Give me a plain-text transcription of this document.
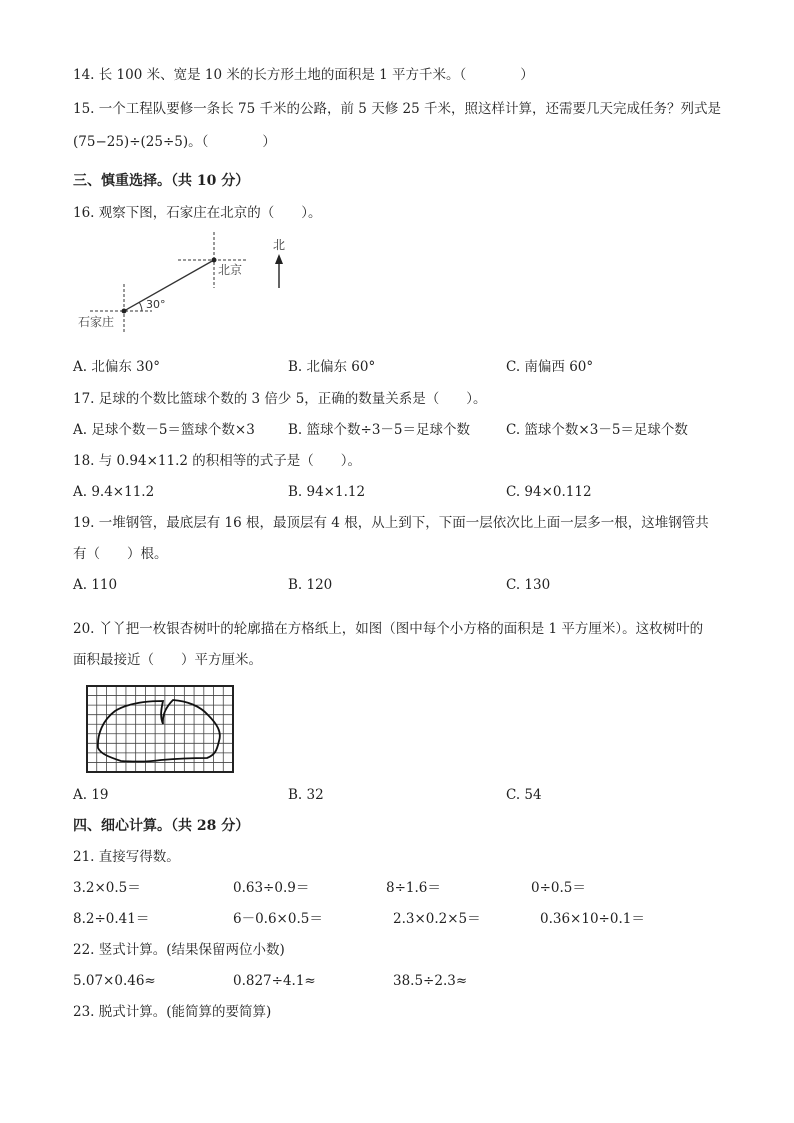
14. 长 100 米、宽是 10 米的长方形土地的面积是 1 平方千米。（　　　　）
15. 一个工程队要修一条长 75 千米的公路，前 5 天修 25 千米，照这样计算，还需要几天完成任务？列式是
(75−25)÷(25÷5)。（　　　　）
三、慎重选择。（共 10 分）
16. 观察下图，石家庄在北京的（　　）。
30°
北京
石家庄
北
A. 北偏东 30°	B. 北偏东 60°	C. 南偏西 60°
17. 足球的个数比篮球个数的 3 倍少 5，正确的数量关系是（　　）。
A. 足球个数－5＝篮球个数×3 B. 篮球个数÷3－5＝足球个数	C. 篮球个数×3－5＝足球个数
18. 与 0.94×11.2 的积相等的式子是（　　）。
A. 9.4×11.2	B. 94×1.12	C. 94×0.112
19. 一堆钢管，最底层有 16 根，最顶层有 4 根，从上到下，下面一层依次比上面一层多一根，这堆钢管共
有（　　）根。
A. 110	B. 120	C. 130
20. 丫丫把一枚银杏树叶的轮廓描在方格纸上，如图（图中每个小方格的面积是 1 平方厘米）。这枚树叶的
面积最接近（　　）平方厘米。
A. 19	B. 32	C. 54
四、细心计算。（共 28 分）
21. 直接写得数。
3.2×0.5＝	0.63÷0.9＝	8÷1.6＝	0÷0.5＝
8.2÷0.41＝	6－0.6×0.5＝	2.3×0.2×5＝	0.36×10÷0.1＝
22. 竖式计算。(结果保留两位小数)
5.07×0.46≈	0.827÷4.1≈	38.5÷2.3≈
23. 脱式计算。(能简算的要简算)
